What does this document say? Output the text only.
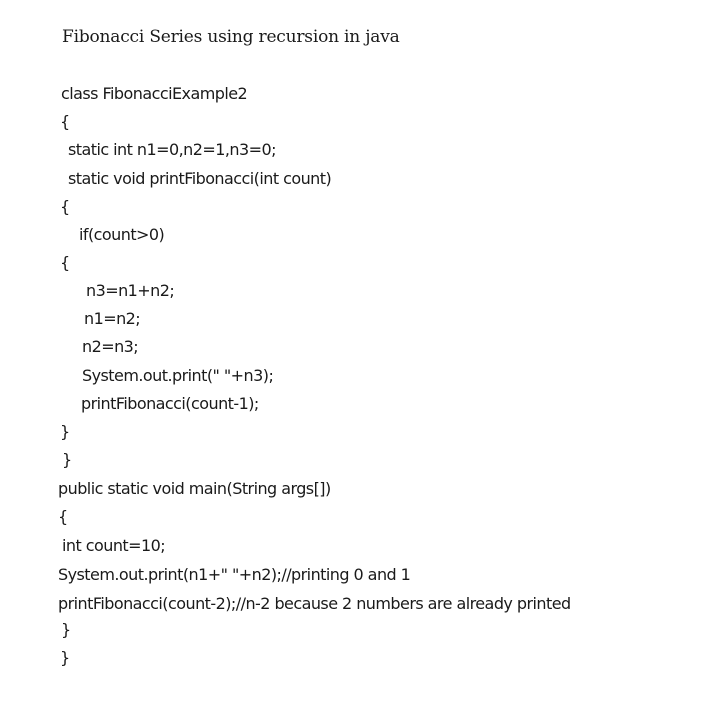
Fibonacci Series using recursion in java
class FibonacciExample2
{
static int n1=0,n2=1,n3=0;
static void printFibonacci(int count)
{
if(count>0)
{
n3=n1+n2;
n1=n2;
n2=n3;
System.out.print(" "+n3);
printFibonacci(count-1);
}
}
public static void main(String args[])
{
int count=10;
System.out.print(n1+" "+n2);//printing 0 and 1
printFibonacci(count-2);//n-2 because 2 numbers are already printed
}
}
